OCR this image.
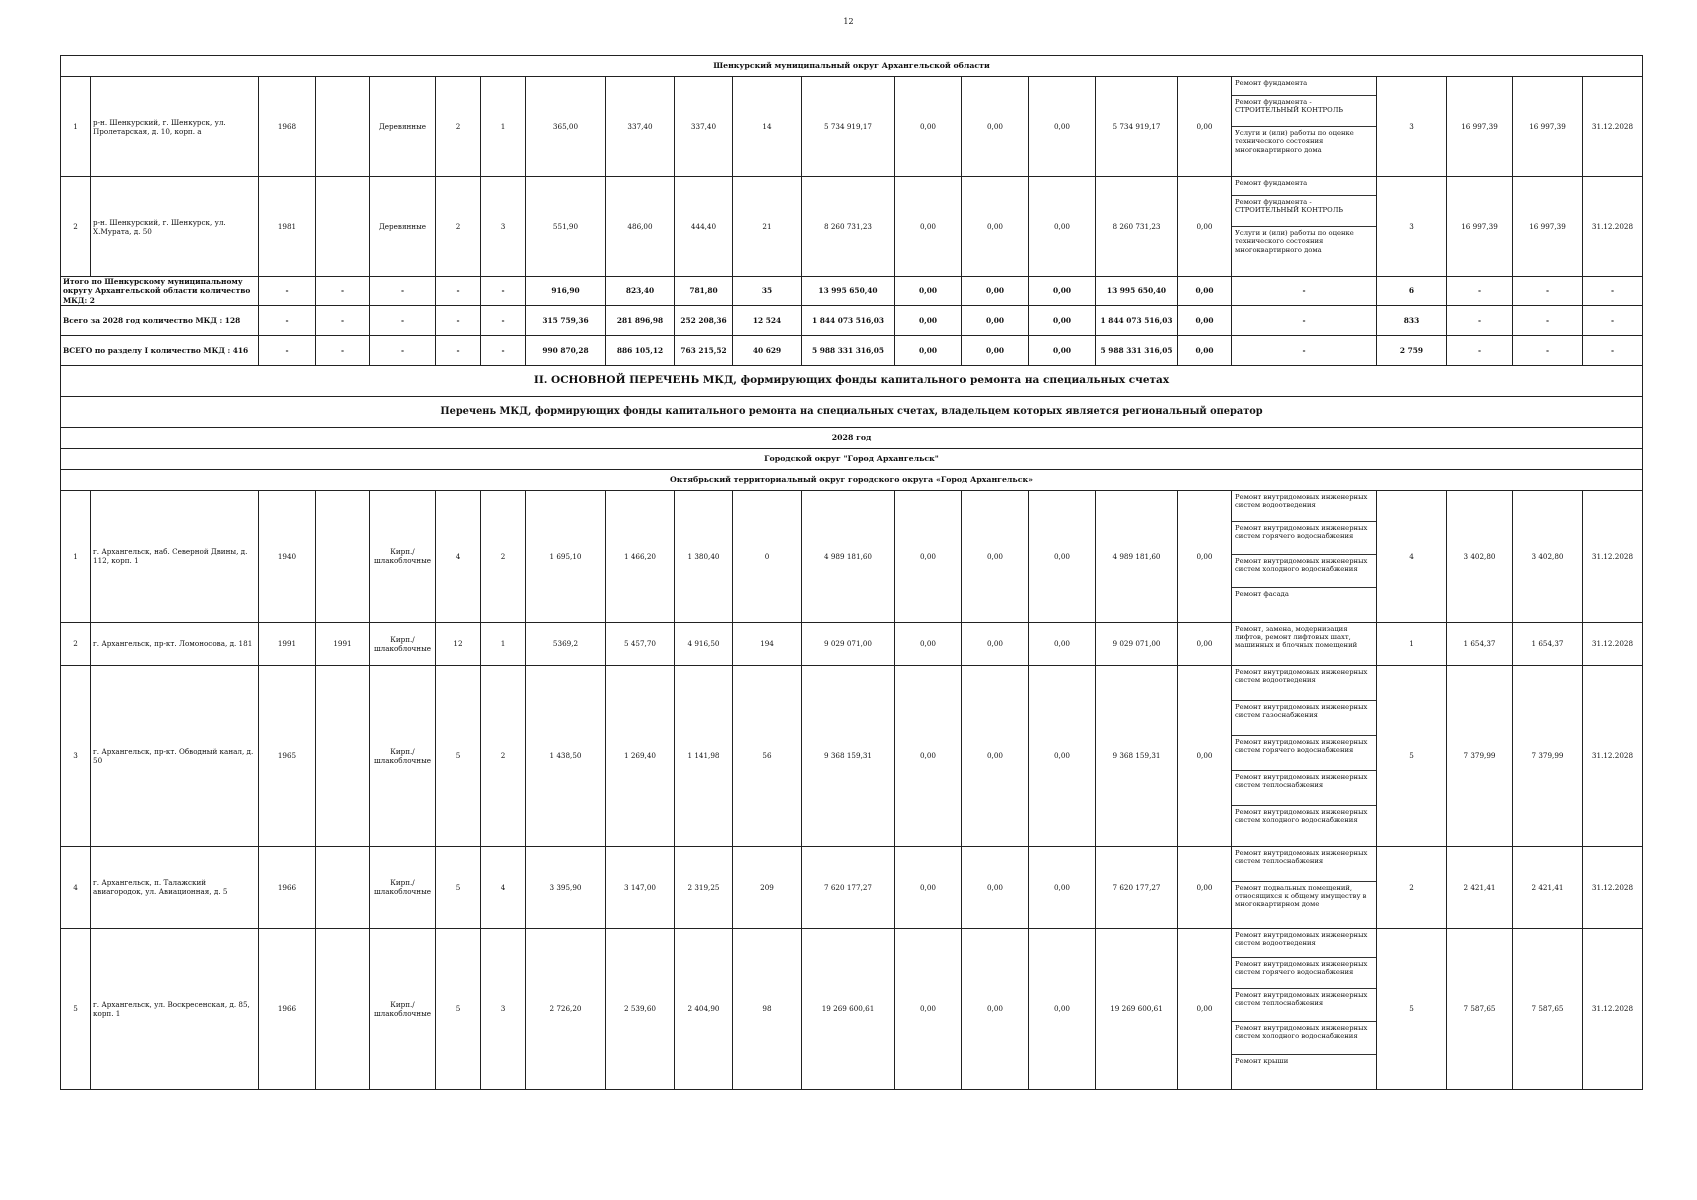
12
Шенкурский муниципальный округ Архангельской области																					
1	р-н. Шенкурский, г. Шенкурск, ул. Пролетарская, д. 10, корп. а	1968		Деревянные	2	1	365,00	337,40	337,40	14	5 734 919,17	0,00	0,00	0,00	5 734 919,17	0,00	Ремонт фундамента
Ремонт фундамента - СТРОИТЕЛЬНЫЙ КОНТРОЛЬ
Услуги и (или) работы по оценке технического состояния многоквартирного дома	3	16 997,39	16 997,39	31.12.2028
2	р-н. Шенкурский, г. Шенкурск, ул. Х.Мурата, д. 50	1981		Деревянные	2	3	551,90	486,00	444,40	21	8 260 731,23	0,00	0,00	0,00	8 260 731,23	0,00	Ремонт фундамента
Ремонт фундамента - СТРОИТЕЛЬНЫЙ КОНТРОЛЬ
Услуги и (или) работы по оценке технического состояния многоквартирного дома	3	16 997,39	16 997,39	31.12.2028
Итого по Шенкурскому муниципальному округу Архангельской области количество МКД: 2		-	-	-	-	-	916,90	823,40	781,80	35	13 995 650,40	0,00	0,00	0,00	13 995 650,40	0,00	-	6	-	-	-
Всего за 2028 год количество МКД : 128		-	-	-	-	-	315 759,36	281 896,98	252 208,36	12 524	1 844 073 516,03	0,00	0,00	0,00	1 844 073 516,03	0,00	-	833	-	-	-
ВСЕГО по разделу I количество МКД : 416		-	-	-	-	-	990 870,28	886 105,12	763 215,52	40 629	5 988 331 316,05	0,00	0,00	0,00	5 988 331 316,05	0,00	-	2 759	-	-	-
II. ОСНОВНОЙ ПЕРЕЧЕНЬ МКД, формирующих фонды капитального ремонта на специальных счетах																					
Перечень МКД, формирующих фонды капитального ремонта на специальных счетах, владельцем которых является региональный оператор																					
2028 год																					
Городской округ "Город Архангельск"																					
Октябрьский территориальный округ городского округа «Город Архангельск»																					
1	г. Архангельск, наб. Северной Двины, д. 112, корп. 1	1940		Кирп./ шлакоблочные	4	2	1 695,10	1 466,20	1 380,40	0	4 989 181,60	0,00	0,00	0,00	4 989 181,60	0,00	Ремонт внутридомовых инженерных систем водоотведения
Ремонт внутридомовых инженерных систем горячего водоснабжения
Ремонт внутридомовых инженерных систем холодного водоснабжения
Ремонт фасада	4	3 402,80	3 402,80	31.12.2028
2	г. Архангельск, пр-кт. Ломоносова, д. 181	1991	1991	Кирп./ шлакоблочные	12	1	5369,2	5 457,70	4 916,50	194	9 029 071,00	0,00	0,00	0,00	9 029 071,00	0,00	Ремонт, замена, модернизация лифтов, ремонт лифтовых шахт, машинных и блочных помещений	1	1 654,37	1 654,37	31.12.2028
3	г. Архангельск, пр-кт. Обводный канал, д. 50	1965		Кирп./ шлакоблочные	5	2	1 438,50	1 269,40	1 141,98	56	9 368 159,31	0,00	0,00	0,00	9 368 159,31	0,00	Ремонт внутридомовых инженерных систем водоотведения
Ремонт внутридомовых инженерных систем газоснабжения
Ремонт внутридомовых инженерных систем горячего водоснабжения
Ремонт внутридомовых инженерных систем теплоснабжения
Ремонт внутридомовых инженерных систем холодного водоснабжения	5	7 379,99	7 379,99	31.12.2028
4	г. Архангельск, п. Талажский авиагородок, ул. Авиационная, д. 5	1966		Кирп./ шлакоблочные	5	4	3 395,90	3 147,00	2 319,25	209	7 620 177,27	0,00	0,00	0,00	7 620 177,27	0,00	Ремонт внутридомовых инженерных систем теплоснабжения
Ремонт подвальных помещений, относящихся к общему имуществу в многоквартирном доме	2	2 421,41	2 421,41	31.12.2028
5	г. Архангельск, ул. Воскресенская, д. 85, корп. 1	1966		Кирп./ шлакоблочные	5	3	2 726,20	2 539,60	2 404,90	98	19 269 600,61	0,00	0,00	0,00	19 269 600,61	0,00	Ремонт внутридомовых инженерных систем водоотведения
Ремонт внутридомовых инженерных систем горячего водоснабжения
Ремонт внутридомовых инженерных систем теплоснабжения
Ремонт внутридомовых инженерных систем холодного водоснабжения
Ремонт крыши	5	7 587,65	7 587,65	31.12.2028
